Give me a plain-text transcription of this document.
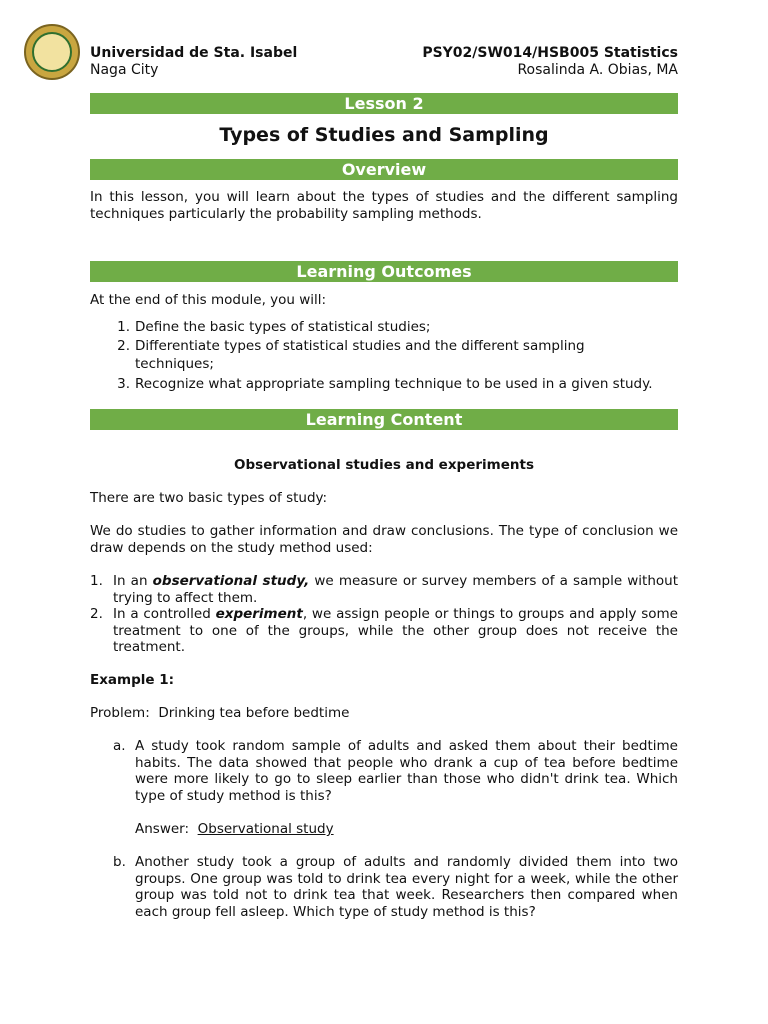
Universidad de Sta. Isabel
Naga City
PSY02/SW014/HSB005 Statistics
Rosalinda A. Obias, MA
Lesson 2
Types of Studies and Sampling
Overview
In this lesson, you will learn about the types of studies and the different sampling techniques particularly the probability sampling methods.
Learning Outcomes
At the end of this module, you will:
1. Define the basic types of statistical studies;
2. Differentiate types of statistical studies and the different sampling
techniques;
3. Recognize what appropriate sampling technique to be used in a given study.
Learning Content
Observational studies and experiments
There are two basic types of study:
We do studies to gather information and draw conclusions. The type of conclusion we draw depends on the study method used:
1. In an observational study, we measure or survey members of a sample without trying to affect them.
2. In a controlled experiment, we assign people or things to groups and apply some treatment to one of the groups, while the other group does not receive the treatment.
Example 1:
Problem:  Drinking tea before bedtime
a. A study took random sample of adults and asked them about their bedtime habits. The data showed that people who drank a cup of tea before bedtime were more likely to go to sleep earlier than those who didn't drink tea. Which type of study method is this?
Answer:  Observational study
b. Another study took a group of adults and randomly divided them into two groups. One group was told to drink tea every night for a week, while the other group was told not to drink tea that week. Researchers then compared when each group fell asleep. Which type of study method is this?
